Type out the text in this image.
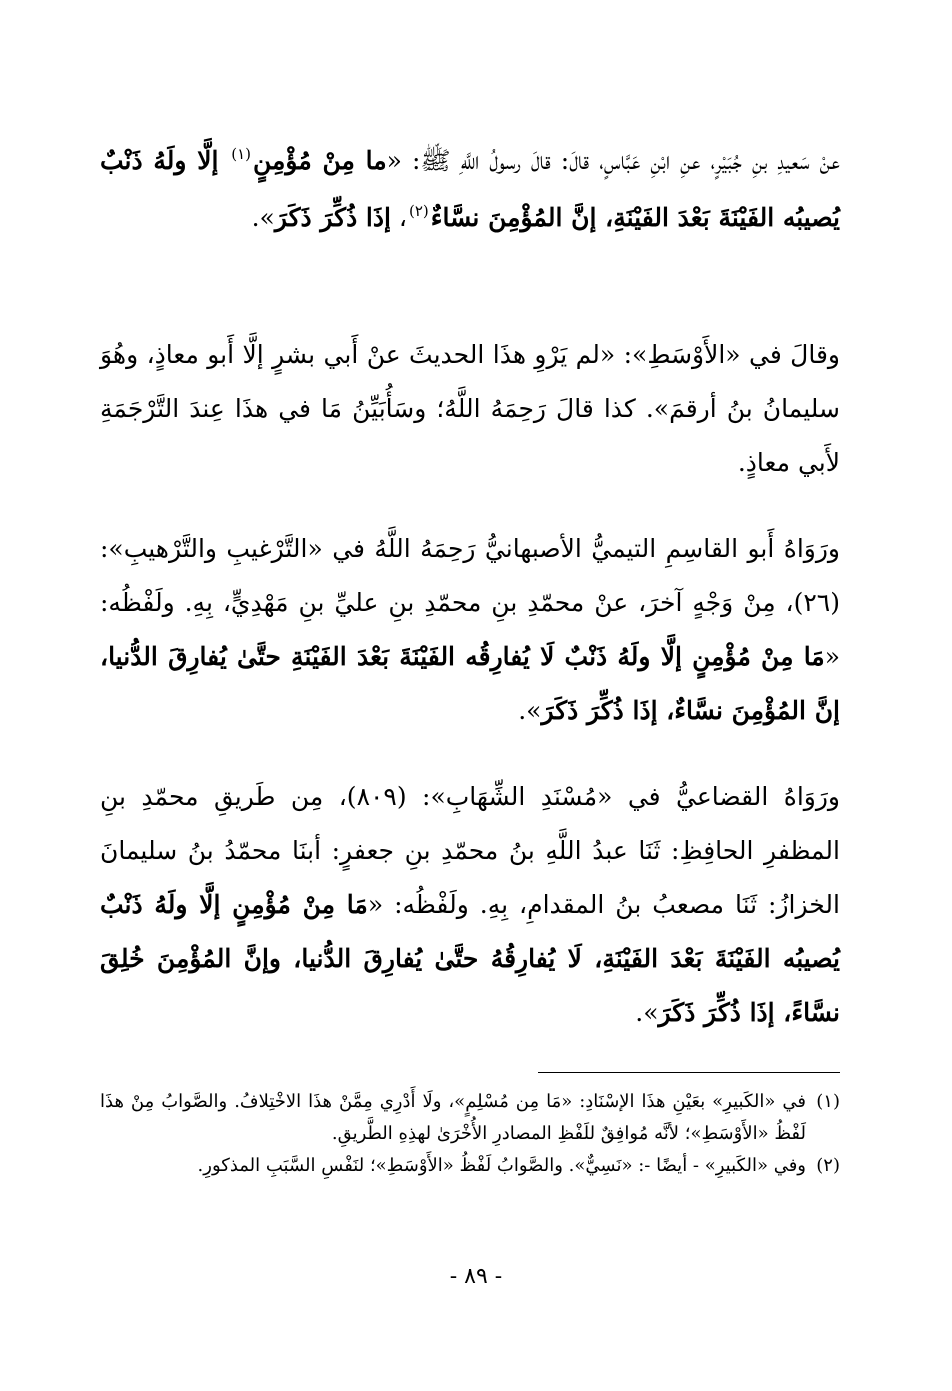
عنْ سَعيدِ بنِ جُبَيْرٍ، عنِ ابْنِ عَبَّاسٍ، قالَ: قالَ رسولُ اللَّهِ ﷺ: «ما مِنْ مُؤْمِنٍ$^{(١)}$ إلَّا ولَهُ ذَنْبٌ يُصيبُه الفَيْنَةَ بَعْدَ الفَيْنَةِ، إنَّ المُؤْمِنَ نسَّاءٌ$^{(٢)}$، إذَا ذُكِّرَ ذَكَرَ».

وقالَ في «الأَوْسَطِ»: «لم يَرْوِ هذَا الحديثَ عنْ أَبي بشرٍ إلَّا أَبو معاذٍ، وهُوَ سليمانُ بنُ أرقمَ». كذا قالَ رَحِمَهُ اللَّهُ؛ وسَأُبَيِّنُ مَا في هذَا عِندَ التَّرْجَمَةِ لأَبي معاذٍ.

ورَوَاهُ أَبو القاسِمِ التيميُّ الأصبهانيُّ رَحِمَهُ اللَّهُ في «التَّرْغيبِ والتَّرْهيبِ»: (٢٦)، مِنْ وَجْهٍ آخرَ، عنْ محمّدِ بنِ محمّدِ بنِ عليِّ بنِ مَهْدِيٍّ، بِهِ. ولَفْظُه: «مَا مِنْ مُؤْمِنٍ إلَّا ولَهُ ذَنْبٌ لَا يُفارِقُه الفَيْنَةَ بَعْدَ الفَيْنَةِ حتَّىٰ يُفارِقَ الدُّنيا، إنَّ المُؤْمِنَ نسَّاءٌ، إذَا ذُكِّرَ ذَكَرَ».

ورَوَاهُ القضاعيُّ في «مُسْنَدِ الشِّهَابِ»: (٨٠٩)، مِن طَريقِ محمّدِ بنِ المظفرِ الحافِظِ: ثَنَا عبدُ اللَّهِ بنُ محمّدِ بنِ جعفرٍ: أبنَا محمّدُ بنُ سليمانَ الخزازُ: ثَنَا مصعبُ بنُ المقدامِ، بِهِ. ولَفْظُه: «مَا مِنْ مُؤْمِنٍ إلَّا ولَهُ ذَنْبٌ يُصيبُه الفَيْنَةَ بَعْدَ الفَيْنَةِ، لَا يُفارِقُهُ حتَّىٰ يُفارِقَ الدُّنيا، وإنَّ المُؤْمِنَ خُلِقَ نسَّاءً، إذَا ذُكِّرَ ذَكَرَ».

(١)في «الكَبيرِ» بعَيْنِ هذَا الإسْنَادِ: «مَا مِن مُسْلِمٍ»، ولَا أَدْرِي مِمَّنْ هذَا الاخْتِلافُ. والصَّوابُ مِنْ هذَا لَفْظُ «الأَوْسَطِ»؛ لأنَّه مُوافِقٌ للَفْظِ المصادرِ الأُخْرَىٰ لهذِهِ الطَّريقِ.

(٢)وفي «الكَبيرِ» - أيضًا -: «نَسِيٌّ». والصَّوابُ لَفْظُ «الأَوْسَطِ»؛ لنَفْسِ السَّبَبِ المذكورِ.

- ٨٩ -
